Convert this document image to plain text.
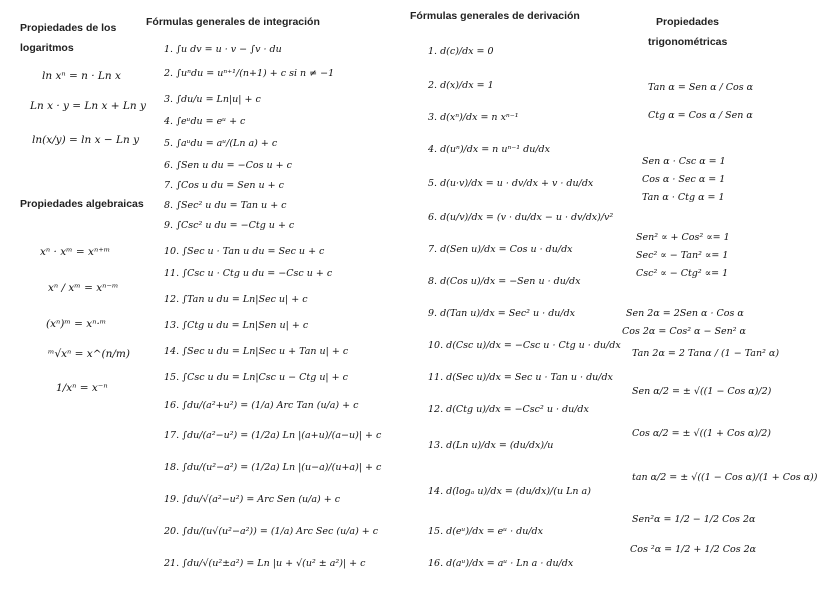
Propiedades de los
logaritmos
ln xⁿ = n · Ln x
Ln x · y = Ln x + Ln y
ln(x/y) = ln x − Ln y
Propiedades algebraicas
xⁿ · xᵐ = xⁿ⁺ᵐ
xⁿ / xᵐ = xⁿ⁻ᵐ
(xⁿ)ᵐ = xⁿ·ᵐ
ᵐ√xⁿ = x^(n/m)
1/xⁿ = x⁻ⁿ
Fórmulas generales de integración
1. ∫u dv = u · v − ∫v · du
2. ∫uⁿdu = uⁿ⁺¹/(n+1) + c si n ≠ −1
3. ∫du/u = Ln|u| + c
4. ∫eᵘdu = eᵘ + c
5. ∫aᵘdu = aᵘ/(Ln a) + c
6. ∫Sen u du = −Cos u + c
7. ∫Cos u du = Sen u + c
8. ∫Sec² u du = Tan u + c
9. ∫Csc² u du = −Ctg u + c
10. ∫Sec u · Tan u du = Sec u + c
11. ∫Csc u · Ctg u du = −Csc u + c
12. ∫Tan u du = Ln|Sec u| + c
13. ∫Ctg u du = Ln|Sen u| + c
14. ∫Sec u du = Ln|Sec u + Tan u| + c
15. ∫Csc u du = Ln|Csc u − Ctg u| + c
16. ∫du/(a²+u²) = (1/a) Arc Tan (u/a) + c
17. ∫du/(a²−u²) = (1/2a) Ln |(a+u)/(a−u)| + c
18. ∫du/(u²−a²) = (1/2a) Ln |(u−a)/(u+a)| + c
19. ∫du/√(a²−u²) = Arc Sen (u/a) + c
20. ∫du/(u√(u²−a²)) = (1/a) Arc Sec (u/a) + c
21. ∫du/√(u²±a²) = Ln |u + √(u² ± a²)| + c
Fórmulas generales de derivación
1. d(c)/dx = 0
2. d(x)/dx = 1
3. d(xⁿ)/dx = n xⁿ⁻¹
4. d(uⁿ)/dx = n uⁿ⁻¹ du/dx
5. d(u·v)/dx = u · dv/dx + v · du/dx
6. d(u/v)/dx = (v · du/dx − u · dv/dx)/v²
7. d(Sen u)/dx = Cos u · du/dx
8. d(Cos u)/dx = −Sen u · du/dx
9. d(Tan u)/dx = Sec² u · du/dx
10. d(Csc u)/dx = −Csc u · Ctg u · du/dx
11. d(Sec u)/dx = Sec u · Tan u · du/dx
12. d(Ctg u)/dx = −Csc² u · du/dx
13. d(Ln u)/dx = (du/dx)/u
14. d(logₐ u)/dx = (du/dx)/(u Ln a)
15. d(eᵘ)/dx = eᵘ · du/dx
16. d(aᵘ)/dx = aᵘ · Ln a · du/dx
Propiedades
trigonométricas
Tan α = Sen α / Cos α
Ctg α = Cos α / Sen α
Sen α · Csc α = 1
Cos α · Sec α = 1
Tan α · Ctg α = 1
Sen² ∝ + Cos² ∝= 1
Sec² ∝ − Tan² ∝= 1
Csc² ∝ − Ctg² ∝= 1
Sen 2α = 2Sen α · Cos α
Cos 2α = Cos² α − Sen² α
Tan 2α = 2 Tanα / (1 − Tan² α)
Sen α/2 = ± √((1 − Cos α)/2)
Cos α/2 = ± √((1 + Cos α)/2)
tan α/2 = ± √((1 − Cos α)/(1 + Cos α))
Sen²α = 1/2 − 1/2 Cos 2α
Cos ²α = 1/2 + 1/2 Cos 2α
